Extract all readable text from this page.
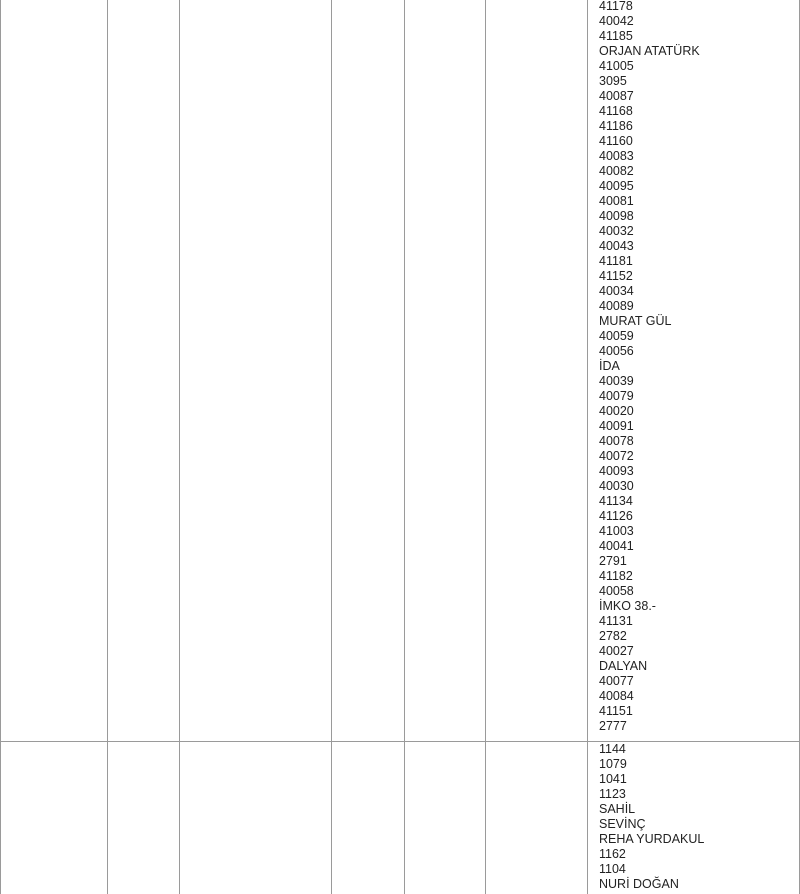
41178
40042
41185
ORJAN ATATÜRK
41005
3095
40087
41168
41186
41160
40083
40082
40095
40081
40098
40032
40043
41181
41152
40034
40089
MURAT GÜL
40059
40056
İDA
40039
40079
40020
40091
40078
40072
40093
40030
41134
41126
41003
40041
2791
41182
40058
İMKO 38.-
41131
2782
40027
DALYAN
40077
40084
41151
2777
1144
1079
1041
1123
SAHİL
SEVİNÇ
REHA YURDAKUL
1162
1104
NURİ DOĞAN
